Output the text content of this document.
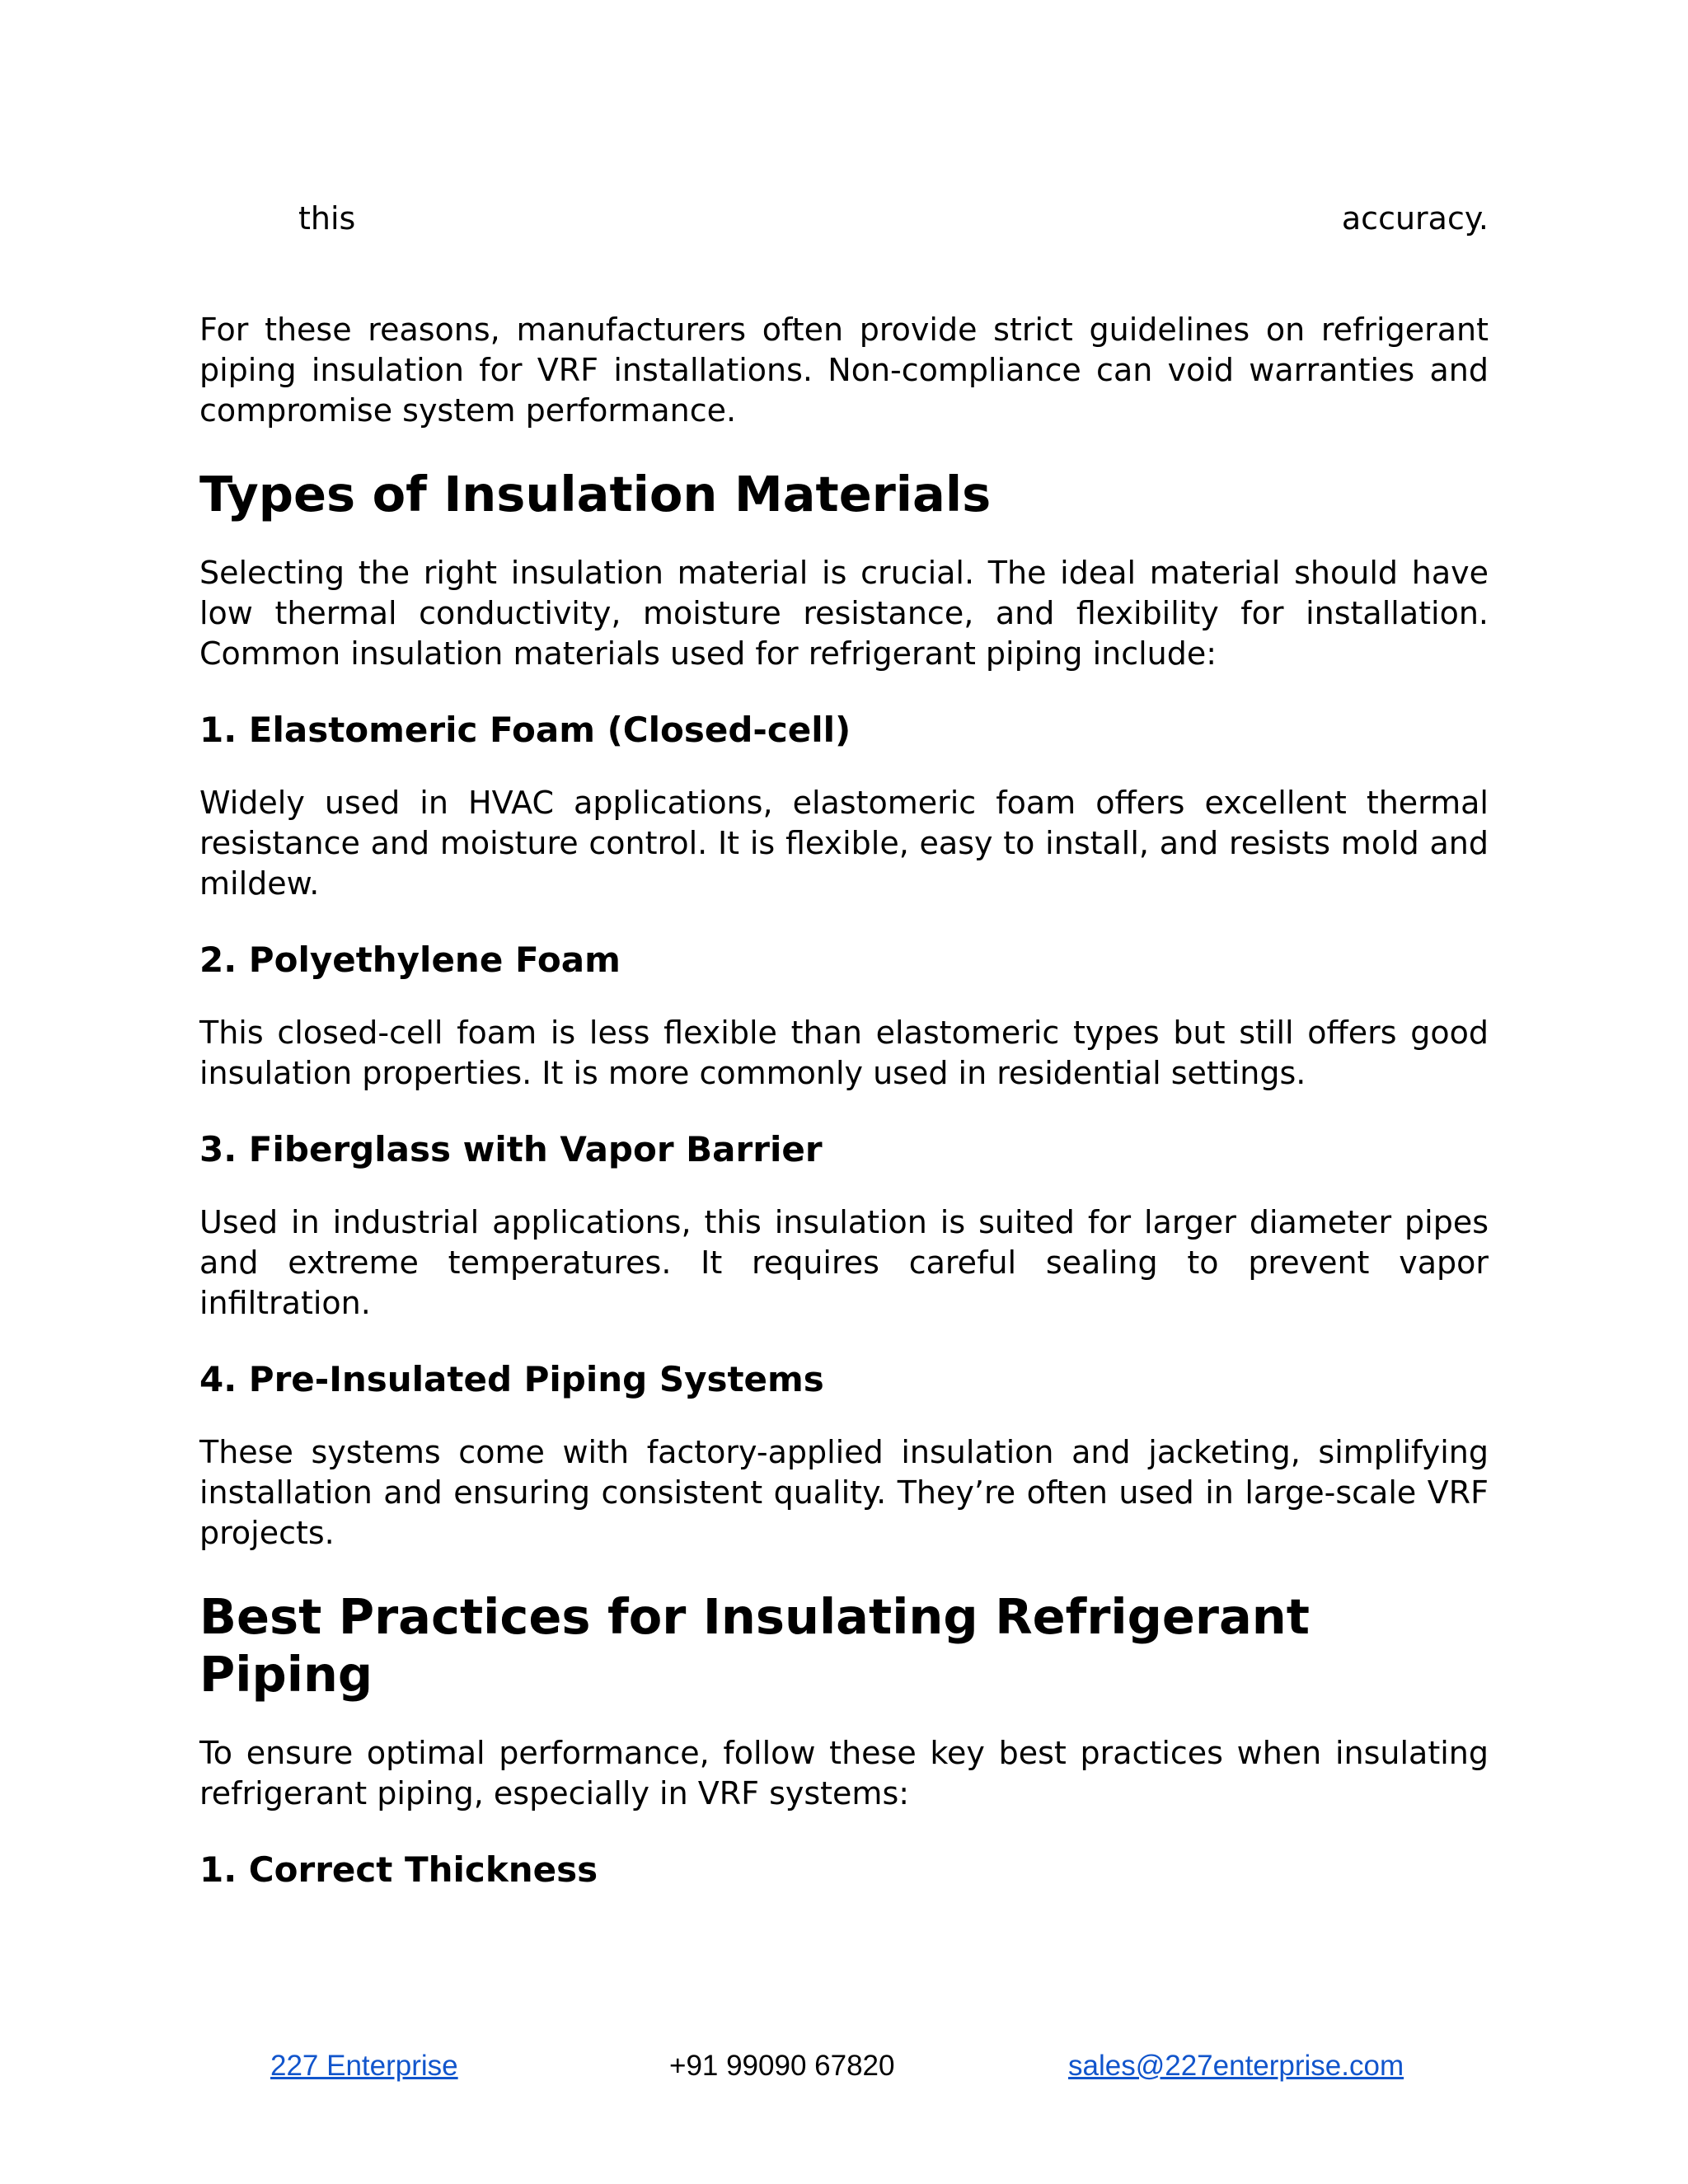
this	accuracy.

For these reasons, manufacturers often provide strict guidelines on refrigerant piping insulation for VRF installations. Non-compliance can void warranties and compromise system performance.

Types of Insulation Materials

Selecting the right insulation material is crucial. The ideal material should have low thermal conductivity, moisture resistance, and flexibility for installation. Common insulation materials used for refrigerant piping include:

1. Elastomeric Foam (Closed-cell)

Widely used in HVAC applications, elastomeric foam offers excellent thermal resistance and moisture control. It is flexible, easy to install, and resists mold and mildew.

2. Polyethylene Foam

This closed-cell foam is less flexible than elastomeric types but still offers good insulation properties. It is more commonly used in residential settings.

3. Fiberglass with Vapor Barrier

Used in industrial applications, this insulation is suited for larger diameter pipes and extreme temperatures. It requires careful sealing to prevent vapor infiltration.

4. Pre-Insulated Piping Systems

These systems come with factory-applied insulation and jacketing, simplifying installation and ensuring consistent quality. They’re often used in large-scale VRF projects.

Best Practices for Insulating Refrigerant Piping

To ensure optimal performance, follow these key best practices when insulating refrigerant piping, especially in VRF systems:

1. Correct Thickness
227 Enterprise	+91 99090 67820	sales@227enterprise.com
